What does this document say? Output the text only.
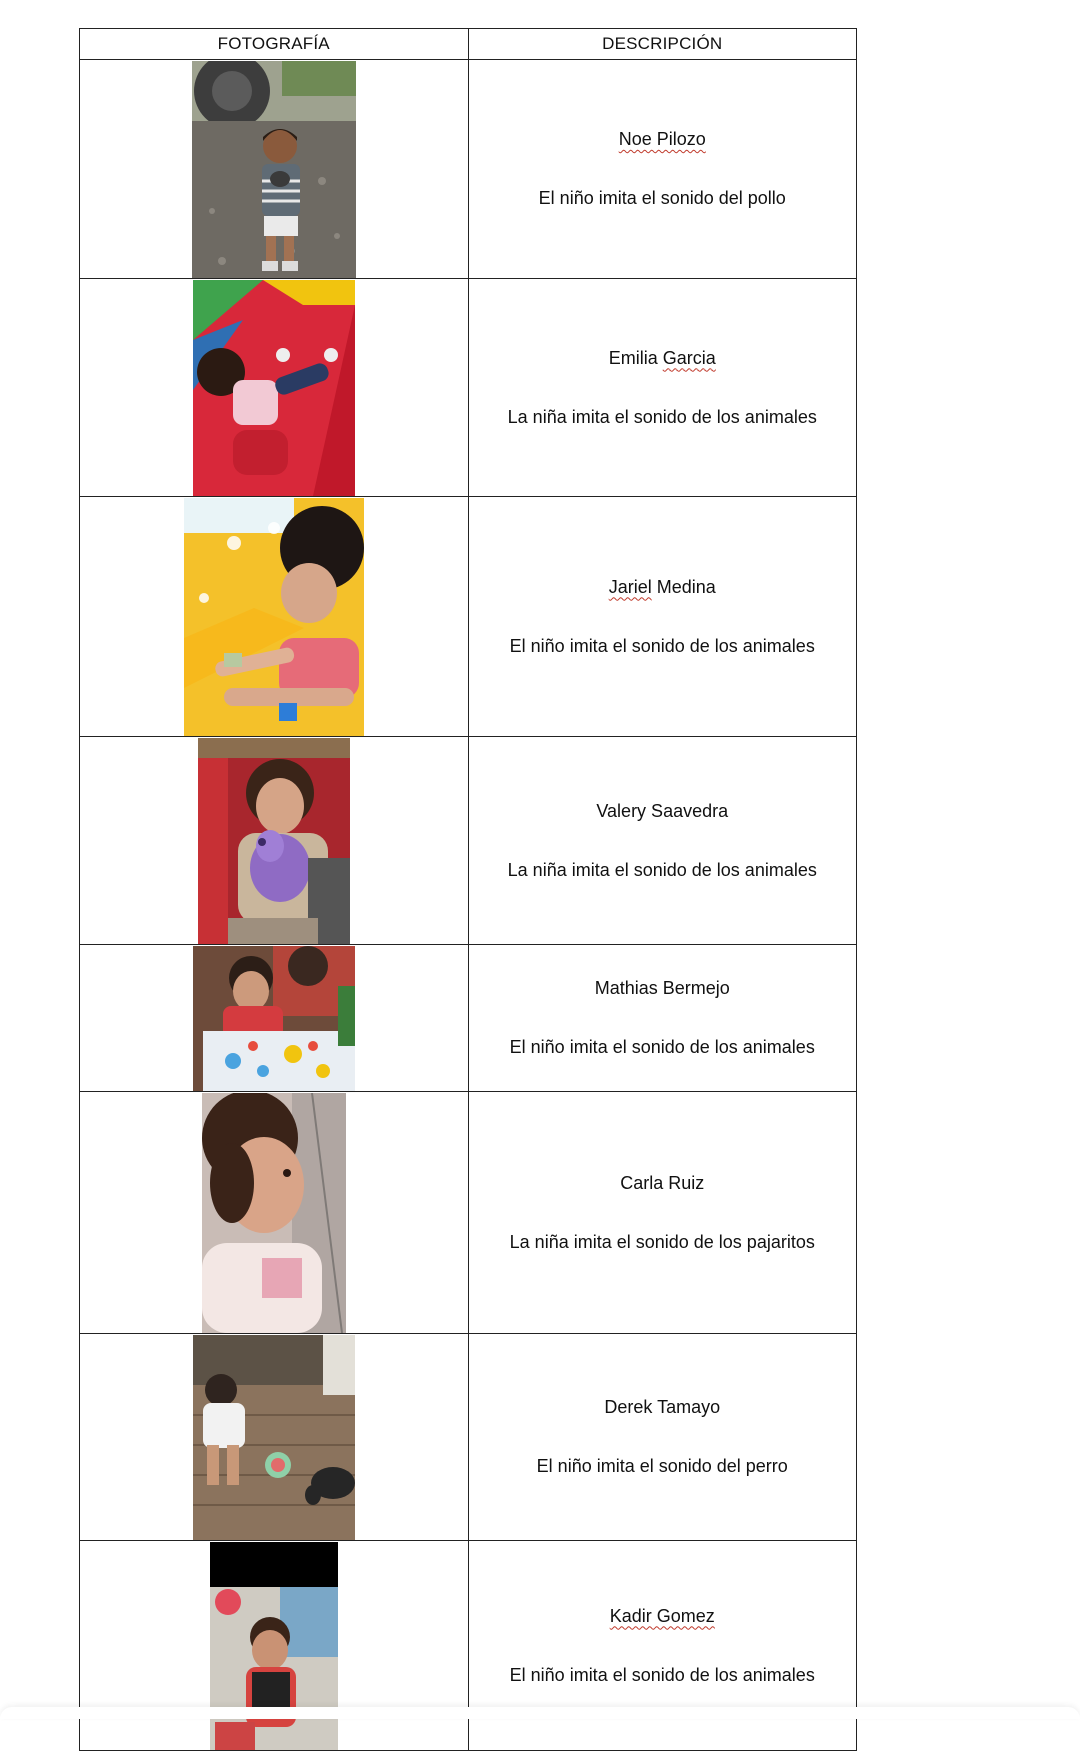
FOTOGRAFÍA	DESCRIPCIÓN

Noe Pilozo
El niño imita el sonido del pollo

Emilia Garcia
La niña imita el sonido de los animales

Jariel Medina
El niño imita el sonido de los animales

Valery Saavedra
La niña imita el sonido de los animales

Mathias Bermejo
El niño imita el sonido de los animales

Carla Ruiz
La niña imita el sonido de los pajaritos

Derek Tamayo
El niño imita el sonido del perro

Kadir Gomez
El niño imita el sonido de los animales
